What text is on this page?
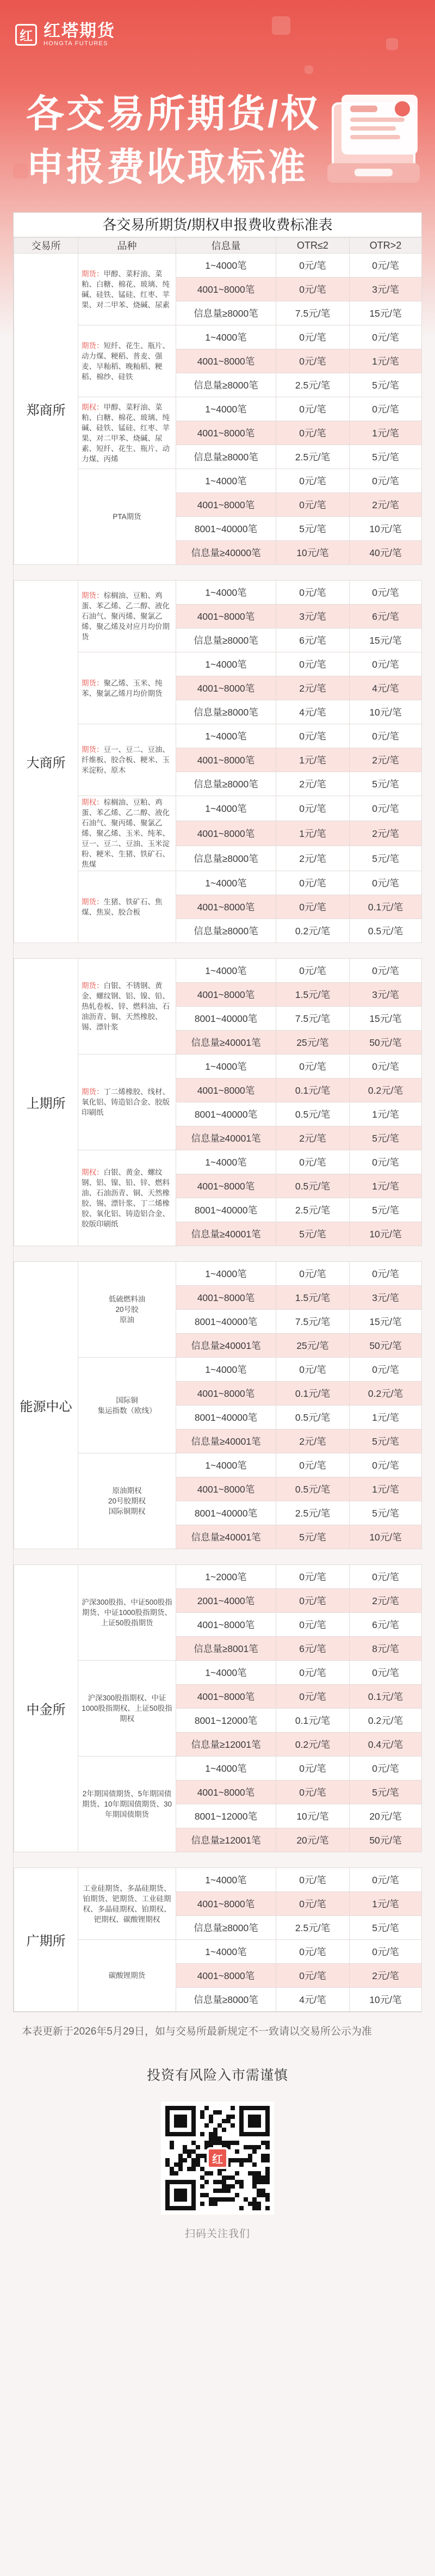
红 红塔期货
HONGTA FUTURES
各交易所期货/权
申报费收取标准
各交易所期货/期权申报费收费标准表
交易所	品种	信息量	OTR≤2	OTR>2
郑商所	期货：甲醇、菜籽油、菜粕、白糖、棉花、玻璃、纯碱、硅铁、锰硅、红枣、苹果、对二甲苯、烧碱、尿素	1~4000笔	0元/笔	0元/笔
		4001~8000笔	0元/笔	3元/笔
		信息量≥8000笔	7.5元/笔	15元/笔
	期货：短纤、花生、瓶片、动力煤、粳稻、普麦、强麦、早籼稻、晚籼稻、粳稻、棉纱、硅铁	1~4000笔	0元/笔	0元/笔
		4001~8000笔	0元/笔	1元/笔
		信息量≥8000笔	2.5元/笔	5元/笔
	期权：甲醇、菜籽油、菜粕、白糖、棉花、玻璃、纯碱、硅铁、锰硅、红枣、苹果、对二甲苯、烧碱、尿素、短纤、花生、瓶片、动力煤、丙烯	1~4000笔	0元/笔	0元/笔
		4001~8000笔	0元/笔	1元/笔
		信息量≥8000笔	2.5元/笔	5元/笔
	PTA期货	1~4000笔	0元/笔	0元/笔
		4001~8000笔	0元/笔	2元/笔
		8001~40000笔	5元/笔	10元/笔
		信息量≥40000笔	10元/笔	40元/笔

大商所	期货：棕榈油、豆粕、鸡蛋、苯乙烯、乙二醇、液化石油气、聚丙烯、聚氯乙烯、聚乙烯及对应月均价期货	1~4000笔	0元/笔	0元/笔
		4001~8000笔	3元/笔	6元/笔
		信息量≥8000笔	6元/笔	15元/笔
	期货：聚乙烯、玉米、纯苯、聚氯乙烯月均价期货	1~4000笔	0元/笔	0元/笔
		4001~8000笔	2元/笔	4元/笔
		信息量≥8000笔	4元/笔	10元/笔
	期货：豆一、豆二、豆油、纤维板、胶合板、粳米、玉米淀粉、原木	1~4000笔	0元/笔	0元/笔
		4001~8000笔	1元/笔	2元/笔
		信息量≥8000笔	2元/笔	5元/笔
	期权：棕榈油、豆粕、鸡蛋、苯乙烯、乙二醇、液化石油气、聚丙烯、聚氯乙烯、聚乙烯、玉米、纯苯、豆一、豆二、豆油、玉米淀粉、粳米、生猪、铁矿石、焦煤	1~4000笔	0元/笔	0元/笔
		4001~8000笔	1元/笔	2元/笔
		信息量≥8000笔	2元/笔	5元/笔
	期货：生猪、铁矿石、焦煤、焦炭、胶合板	1~4000笔	0元/笔	0元/笔
		4001~8000笔	0元/笔	0.1元/笔
		信息量≥8000笔	0.2元/笔	0.5元/笔

上期所	期货：白银、不锈钢、黄金、螺纹钢、铝、镍、铅、热轧卷板、锌、燃料油、石油沥青、铜、天然橡胶、锡、漂针浆	1~4000笔	0元/笔	0元/笔
		4001~8000笔	1.5元/笔	3元/笔
		8001~40000笔	7.5元/笔	15元/笔
		信息量≥40001笔	25元/笔	50元/笔
	期货：丁二烯橡胶、线材、氧化铝、铸造铝合金、胶版印刷纸	1~4000笔	0元/笔	0元/笔
		4001~8000笔	0.1元/笔	0.2元/笔
		8001~40000笔	0.5元/笔	1元/笔
		信息量≥40001笔	2元/笔	5元/笔
	期权：白银、黄金、螺纹钢、铝、镍、铅、锌、燃料油、石油沥青、铜、天然橡胶、锡、漂针浆、丁二烯橡胶、氧化铝、铸造铝合金、胶版印刷纸	1~4000笔	0元/笔	0元/笔
		4001~8000笔	0.5元/笔	1元/笔
		8001~40000笔	2.5元/笔	5元/笔
		信息量≥40001笔	5元/笔	10元/笔

能源中心	低硫燃料油
20号胶
原油	1~4000笔	0元/笔	0元/笔
		4001~8000笔	1.5元/笔	3元/笔
		8001~40000笔	7.5元/笔	15元/笔
		信息量≥40001笔	25元/笔	50元/笔
	国际铜
集运指数（欧线）	1~4000笔	0元/笔	0元/笔
		4001~8000笔	0.1元/笔	0.2元/笔
		8001~40000笔	0.5元/笔	1元/笔
		信息量≥40001笔	2元/笔	5元/笔
	原油期权
20号胶期权
国际铜期权	1~4000笔	0元/笔	0元/笔
		4001~8000笔	0.5元/笔	1元/笔
		8001~40000笔	2.5元/笔	5元/笔
		信息量≥40001笔	5元/笔	10元/笔

中金所	沪深300股指、中证500股指期货、中证1000股指期货、上证50股指期货	1~2000笔	0元/笔	0元/笔
		2001~4000笔	0元/笔	2元/笔
		4001~8000笔	0元/笔	6元/笔
		信息量≥8001笔	6元/笔	8元/笔
	沪深300股指期权、中证1000股指期权、上证50股指期权	1~4000笔	0元/笔	0元/笔
		4001~8000笔	0元/笔	0.1元/笔
		8001~12000笔	0.1元/笔	0.2元/笔
		信息量≥12001笔	0.2元/笔	0.4元/笔
	2年期国债期货、5年期国债期货、10年期国债期货、30年期国债期货	1~4000笔	0元/笔	0元/笔
		4001~8000笔	0元/笔	5元/笔
		8001~12000笔	10元/笔	20元/笔
		信息量≥12001笔	20元/笔	50元/笔

广期所	工业硅期货、多晶硅期货、铂期货、钯期货、工业硅期权、多晶硅期权、铂期权、钯期权、碳酸锂期权	1~4000笔	0元/笔	0元/笔
		4001~8000笔	0元/笔	1元/笔
		信息量≥8000笔	2.5元/笔	5元/笔
	碳酸锂期货	1~4000笔	0元/笔	0元/笔
		4001~8000笔	0元/笔	2元/笔
		信息量≥8000笔	4元/笔	10元/笔
本表更新于2026年5月29日，如与交易所最新规定不一致请以交易所公示为准
投资有风险入市需谨慎
红
扫码关注我们
